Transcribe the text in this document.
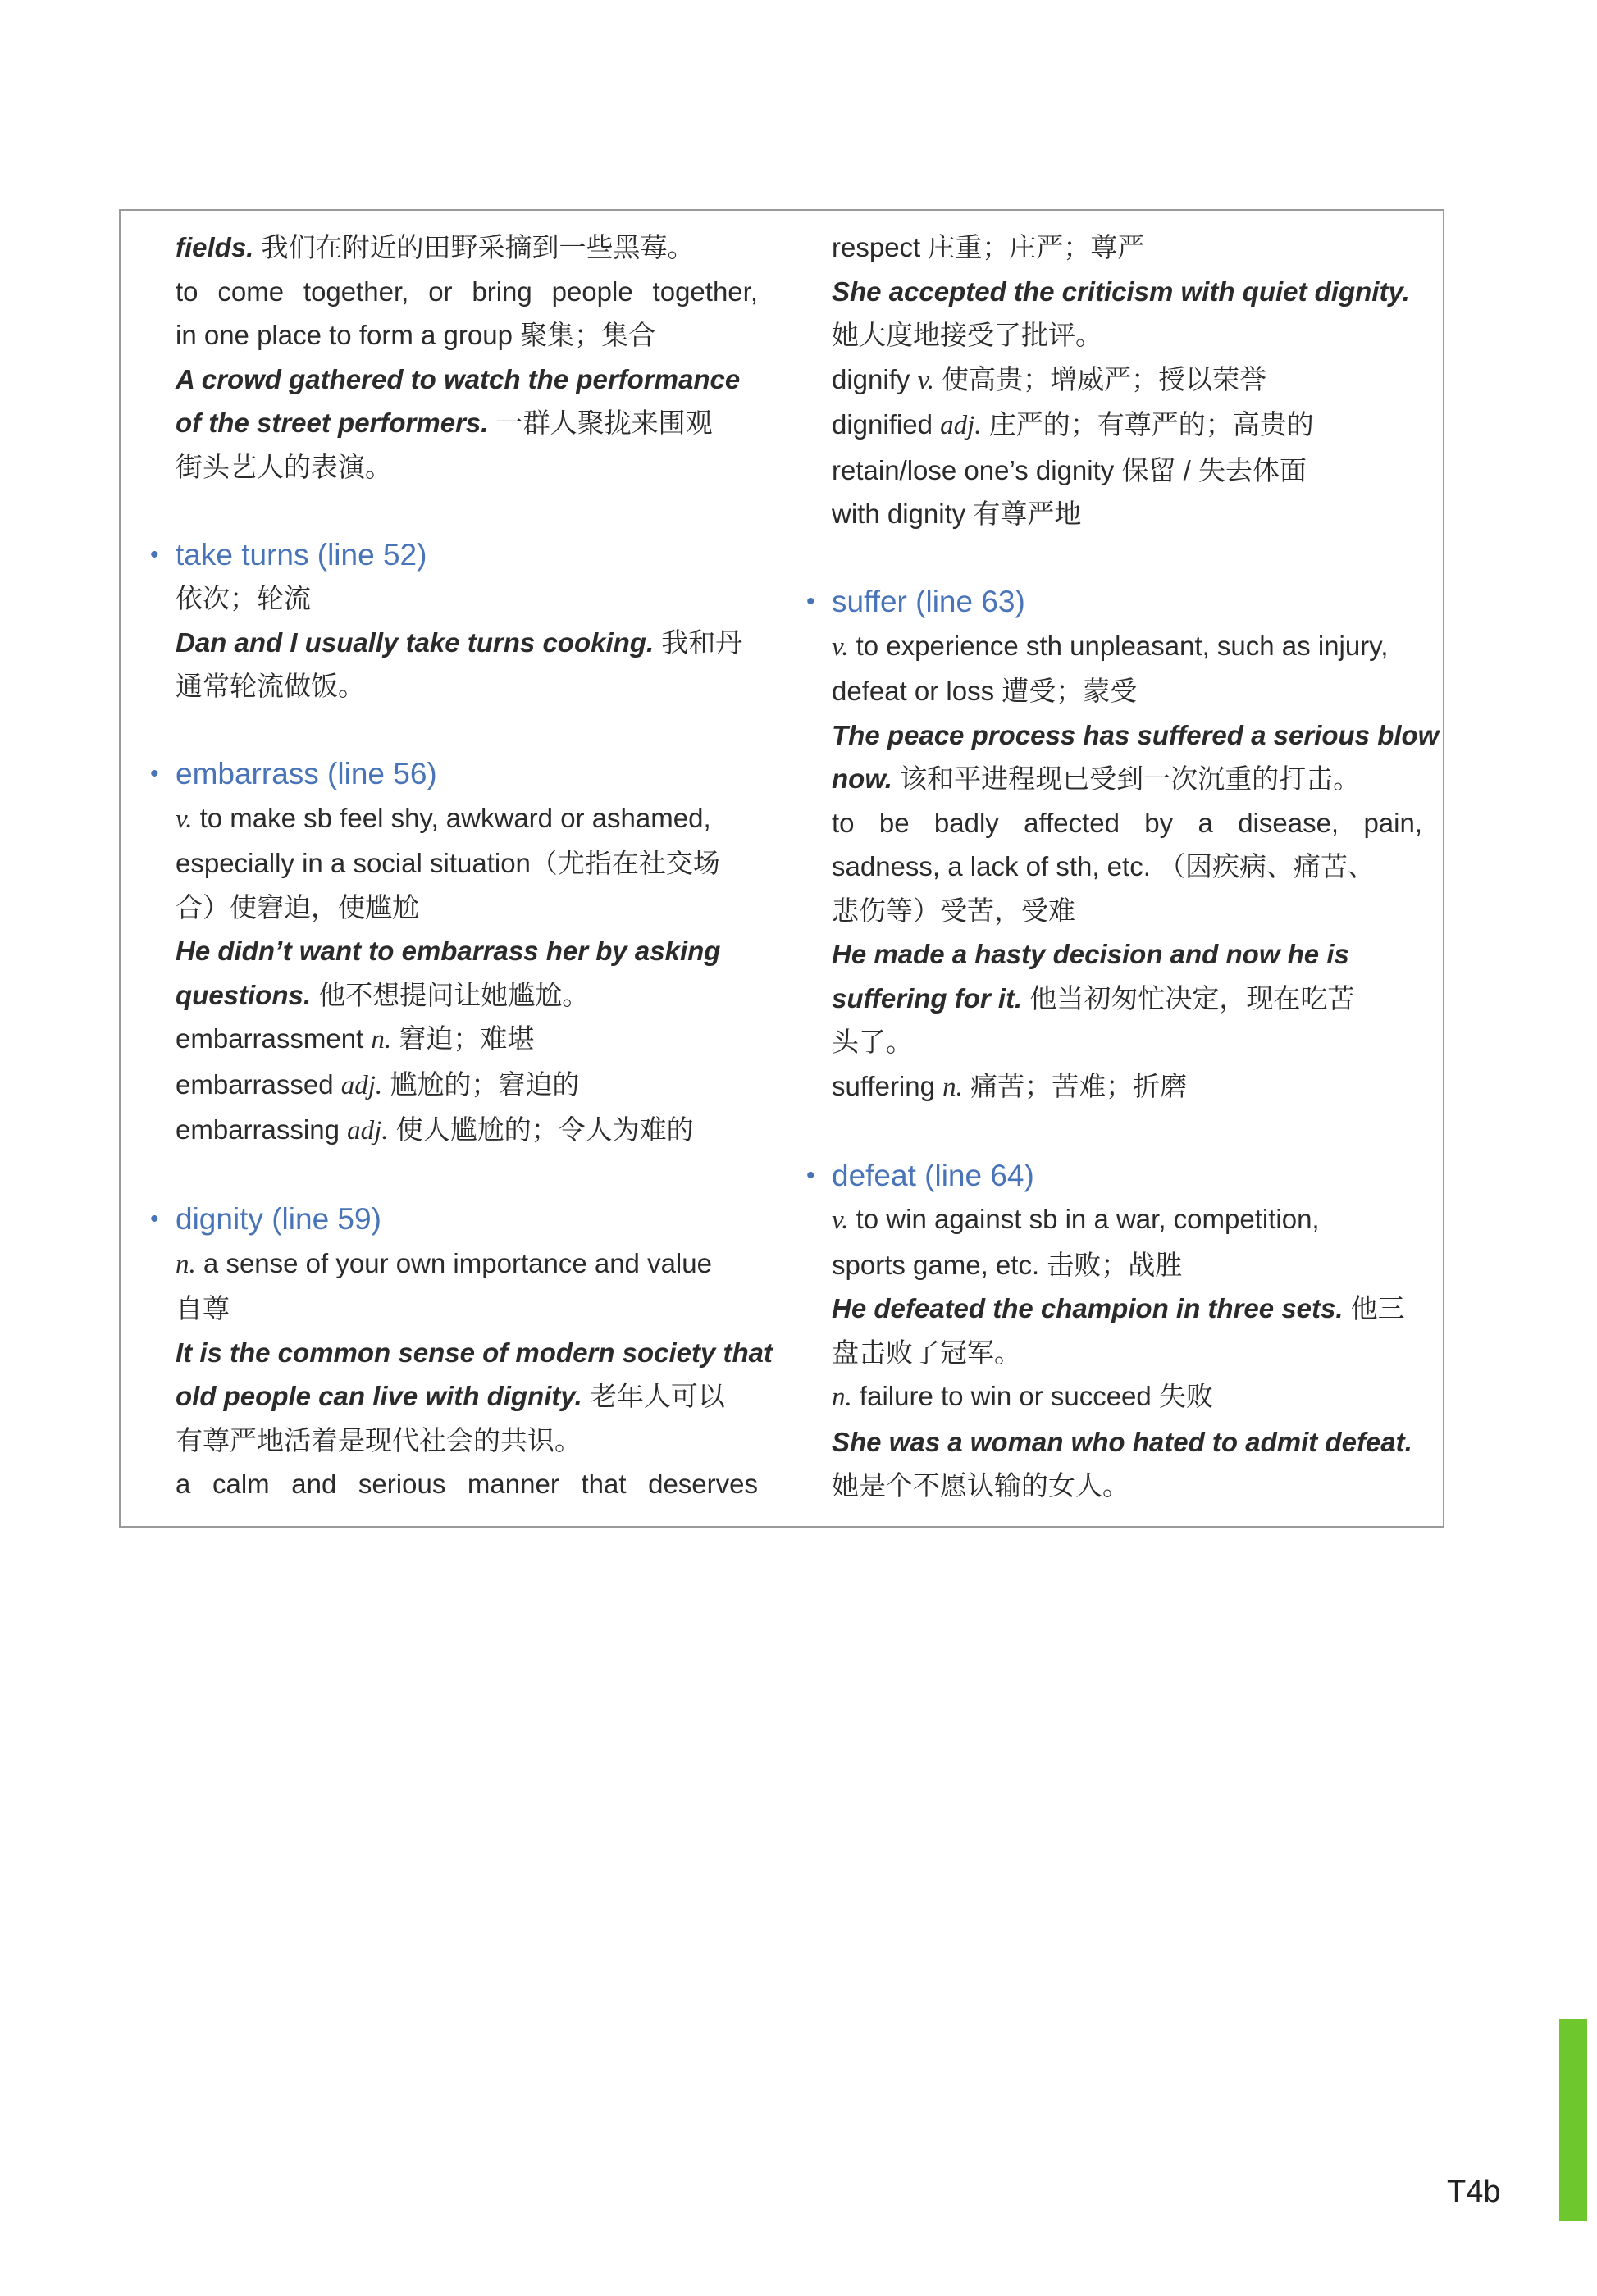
fields. 我们在附近的田野采摘到一些黑莓。

to come together, or bring people together,

in one place to form a group 聚集；集合

A crowd gathered to watch the performance

of the street performers. 一群人聚拢来围观

街头艺人的表演。

• take turns (line 52)

依次；轮流

Dan and I usually take turns cooking. 我和丹

通常轮流做饭。

• embarrass (line 56)

v. to make sb feel shy, awkward or ashamed,

especially in a social situation（尤指在社交场

合）使窘迫，使尴尬

He didn’t want to embarrass her by asking

questions. 他不想提问让她尴尬。

embarrassment n. 窘迫；难堪

embarrassed adj. 尴尬的；窘迫的

embarrassing adj. 使人尴尬的；令人为难的

• dignity (line 59)

n. a sense of your own importance and value

自尊

It is the common sense of modern society that

old people can live with dignity. 老年人可以

有尊严地活着是现代社会的共识。

a calm and serious manner that deserves

respect 庄重；庄严；尊严

She accepted the criticism with quiet dignity.

她大度地接受了批评。

dignify v. 使高贵；增威严；授以荣誉

dignified adj. 庄严的；有尊严的；高贵的

retain/lose one’s dignity 保留 / 失去体面

with dignity 有尊严地

• suffer (line 63)

v. to experience sth unpleasant, such as injury,

defeat or loss 遭受；蒙受

The peace process has suffered a serious blow

now. 该和平进程现已受到一次沉重的打击。

to be badly affected by a disease, pain,

sadness, a lack of sth, etc. （因疾病、痛苦、

悲伤等）受苦，受难

He made a hasty decision and now he is

suffering for it. 他当初匆忙决定，现在吃苦

头了。

suffering n. 痛苦；苦难；折磨

• defeat (line 64)

v. to win against sb in a war, competition,

sports game, etc. 击败；战胜

He defeated the champion in three sets. 他三

盘击败了冠军。

n. failure to win or succeed 失败

She was a woman who hated to admit defeat.

她是个不愿认输的女人。

T4b
